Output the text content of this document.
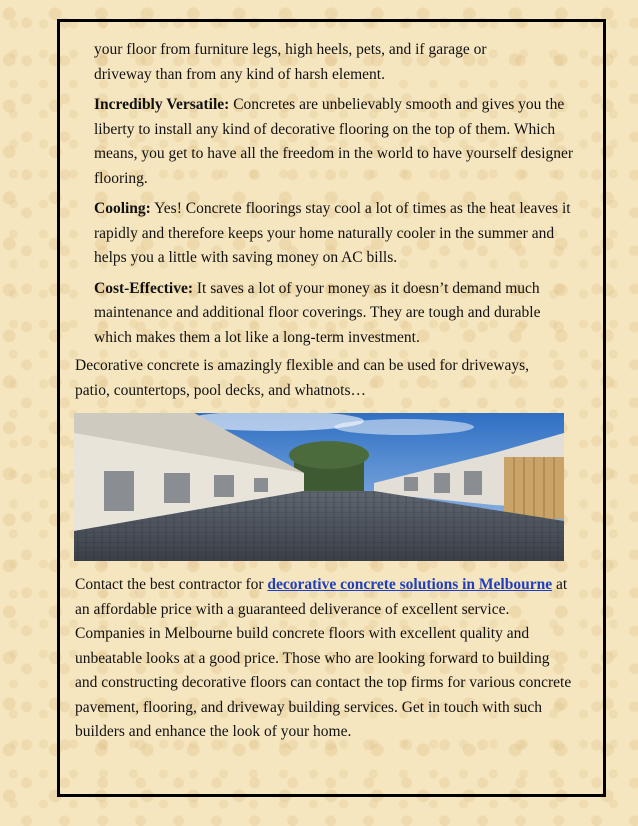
your floor from furniture legs, high heels, pets, and if garage or
driveway than from any kind of harsh element.

Incredibly Versatile: Concretes are unbelievably smooth and gives you the liberty to install any kind of decorative flooring on the top of them. Which means, you get to have all the freedom in the world to have yourself designer flooring.

Cooling: Yes! Concrete floorings stay cool a lot of times as the heat leaves it rapidly and therefore keeps your home naturally cooler in the summer and helps you a little with saving money on AC bills.

Cost-Effective: It saves a lot of your money as it doesn’t demand much maintenance and additional floor coverings. They are tough and durable which makes them a lot like a long-term investment.

Decorative concrete is amazingly flexible and can be used for driveways, patio, countertops, pool decks, and whatnots…

Contact the best contractor for decorative concrete solutions in Melbourne at an affordable price with a guaranteed deliverance of excellent service. Companies in Melbourne build concrete floors with excellent quality and unbeatable looks at a good price. Those who are looking forward to building and constructing decorative floors can contact the top firms for various concrete pavement, flooring, and driveway building services. Get in touch with such builders and enhance the look of your home.
